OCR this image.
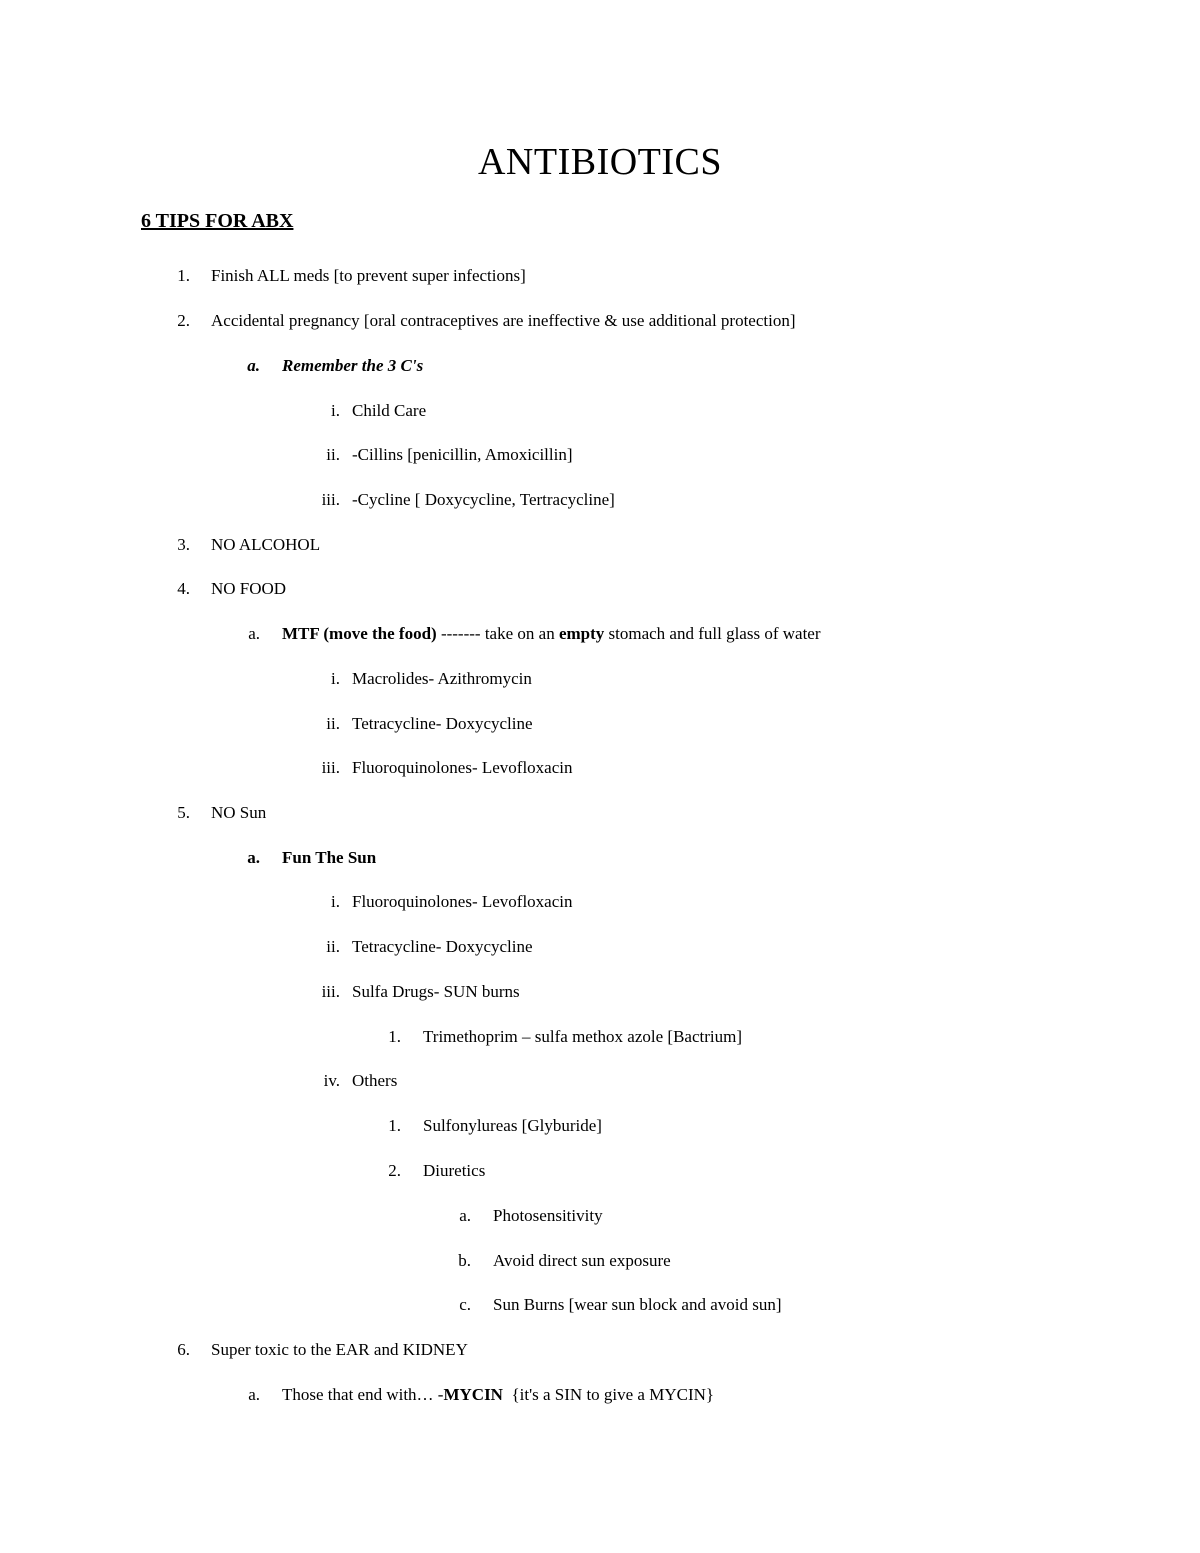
ANTIBIOTICS
6 TIPS FOR ABX
1. Finish ALL meds [to prevent super infections]
2. Accidental pregnancy [oral contraceptives are ineffective & use additional protection]
a. Remember the 3 C's
i. Child Care
ii. -Cillins [penicillin, Amoxicillin]
iii. -Cycline [ Doxycycline, Tertracycline]
3. NO ALCOHOL
4. NO FOOD
a. MTF (move the food) ------- take on an empty stomach and full glass of water
i. Macrolides- Azithromycin
ii. Tetracycline- Doxycycline
iii. Fluoroquinolones- Levofloxacin
5. NO Sun
a. Fun The Sun
i. Fluoroquinolones- Levofloxacin
ii. Tetracycline- Doxycycline
iii. Sulfa Drugs- SUN burns
1. Trimethoprim – sulfa methox azole [Bactrium]
iv. Others
1. Sulfonylureas [Glyburide]
2. Diuretics
a. Photosensitivity
b. Avoid direct sun exposure
c. Sun Burns [wear sun block and avoid sun]
6. Super toxic to the EAR and KIDNEY
a. Those that end with… -MYCIN  {it's a SIN to give a MYCIN}
